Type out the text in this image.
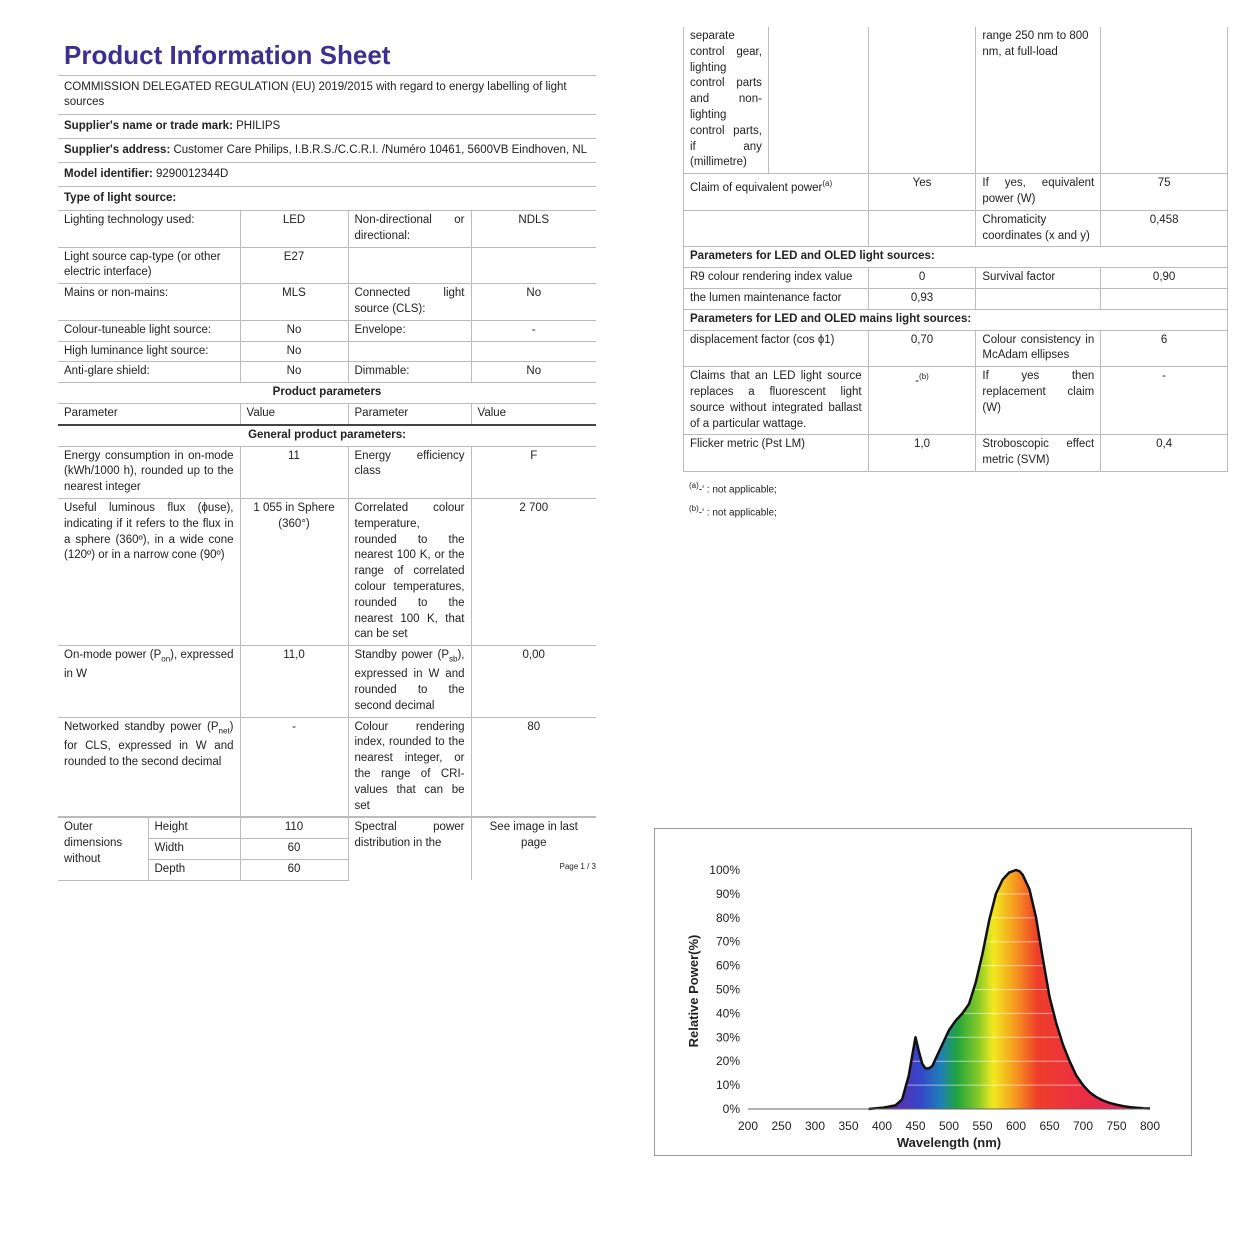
Product Information Sheet
COMMISSION DELEGATED REGULATION (EU) 2019/2015 with regard to energy labelling of light sources
Supplier's name or trade mark: PHILIPS
Supplier's address: Customer Care Philips, I.B.R.S./C.C.R.I. /Numéro 10461, 5600VB Eindhoven, NL
Model identifier: 9290012344D
Type of light source:
Lighting technology used:	LED	Non-directional or directional:	NDLS
Light source cap-type (or other electric interface)	E27		
Mains or non-mains:	MLS	Connected light source (CLS):	No
Colour-tuneable light source:	No	Envelope:	-
High luminance light source:	No		
Anti-glare shield:	No	Dimmable:	No
Product parameters			
Parameter	Value	Parameter	Value
General product parameters:			
Energy consumption in on-mode (kWh/1000 h), rounded up to the nearest integer	11	Energy efficiency class	F
Useful luminous flux (ϕuse), indicating if it refers to the flux in a sphere (360º), in a wide cone (120º) or in a narrow cone (90º)	1 055 in Sphere (360°)	Correlated colour temperature, rounded to the nearest 100 K, or the range of correlated colour temperatures, rounded to the nearest 100 K, that can be set	2 700
On-mode power $(P_{on})$, expressed in W	11,0	Standby power $(P_{sb})$, expressed in W and rounded to the second decimal	0,00
Networked standby power $(P_{net})$ for CLS, expressed in W and rounded to the second decimal	-	Colour rendering index, rounded to the nearest integer, or the range of CRI-values that can be set	80
Outer dimensions without	Height	110	Spectral power distribution in the	See image in last page
	Width	60		
	Depth	60			Page 1 / 3
separate control gear, lighting control parts and non-lighting control parts, if any (millimetre)			range 250 nm to 800 nm, at full-load	
Claim of equivalent power$^{(a)}$		Yes	If yes, equivalent power (W)	75
			Chromaticity coordinates (x and y)	0,458
Parameters for LED and OLED light sources:				
R9 colour rendering index value		0	Survival factor	0,90
the lumen maintenance factor		0,93		
Parameters for LED and OLED mains light sources:				
displacement factor (cos ϕ1)		0,70	Colour consistency in McAdam ellipses	6
Claims that an LED light source replaces a fluorescent light source without integrated ballast of a particular wattage.		-$^{(b)}$	If yes then replacement claim (W)	-
Flicker metric (Pst LM)		1,0	Stroboscopic effect metric (SVM)	0,4
$^{(a)}$-' : not applicable;
$^{(b)}$-' : not applicable;
0%
10%
20%
30%
40%
50%
60%
70%
80%
90%
100%
200 250 300 350 400 450 500 550 600 650 700 750 800
Relative Power(%)
Wavelength (nm)
